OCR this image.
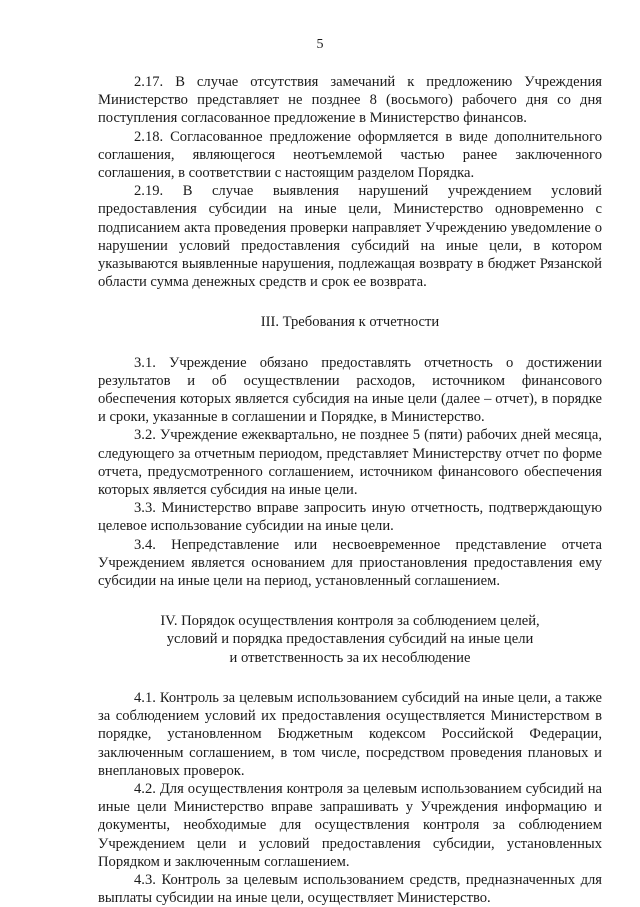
5

2.17. В случае отсутствия замечаний к предложению Учреждения Министерство представляет не позднее 8 (восьмого) рабочего дня со дня поступления согласованное предложение в Министерство финансов.

2.18. Согласованное предложение оформляется в виде дополнительного соглашения, являющегося неотъемлемой частью ранее заключенного соглашения, в соответствии с настоящим разделом Порядка.

2.19. В случае выявления нарушений учреждением условий предоставления субсидии на иные цели, Министерство одновременно с подписанием акта проведения проверки направляет Учреждению уведомление о нарушении условий предоставления субсидий на иные цели, в котором указываются выявленные нарушения, подлежащая возврату в бюджет Рязанской области сумма денежных средств и срок ее возврата.

III. Требования к отчетности

3.1. Учреждение обязано предоставлять отчетность о достижении результатов и об осуществлении расходов, источником финансового обеспечения которых является субсидия на иные цели (далее – отчет), в порядке и сроки, указанные в соглашении и Порядке, в Министерство.

3.2. Учреждение ежеквартально, не позднее 5 (пяти) рабочих дней месяца, следующего за отчетным периодом, представляет Министерству отчет по форме отчета, предусмотренного соглашением, источником финансового обеспечения которых является субсидия на иные цели.

3.3. Министерство вправе запросить иную отчетность, подтверждающую целевое использование субсидии на иные цели.

3.4. Непредставление или несвоевременное представление отчета Учреждением является основанием для приостановления предоставления ему субсидии на иные цели на период, установленный соглашением.

IV. Порядок осуществления контроля за соблюдением целей,
условий и порядка предоставления субсидий на иные цели
и ответственность за их несоблюдение

4.1. Контроль за целевым использованием субсидий на иные цели, а также за соблюдением условий их предоставления осуществляется Министерством в порядке, установленном Бюджетным кодексом Российской Федерации, заключенным соглашением, в том числе, посредством проведения плановых и внеплановых проверок.

4.2. Для осуществления контроля за целевым использованием субсидий на иные цели Министерство вправе запрашивать у Учреждения информацию и документы, необходимые для осуществления контроля за соблюдением Учреждением цели и условий предоставления субсидии, установленных Порядком и заключенным соглашением.

4.3. Контроль за целевым использованием средств, предназначенных для выплаты субсидии на иные цели, осуществляет Министерство.
